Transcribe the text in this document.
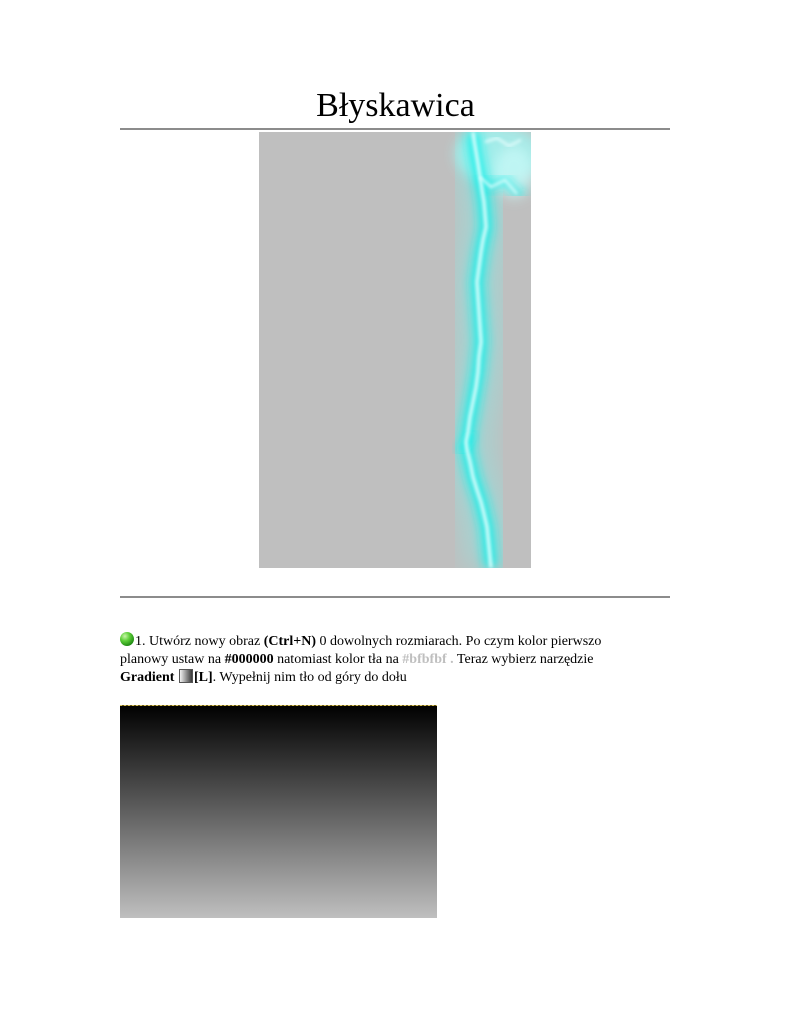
Błyskawica

1. Utwórz nowy obraz (Ctrl+N) 0 dowolnych rozmiarach. Po czym kolor pierwszo planowy ustaw na #000000 natomiast kolor tła na #bfbfbf . Teraz wybierz narzędzie Gradient [L]. Wypełnij nim tło od góry do dołu
